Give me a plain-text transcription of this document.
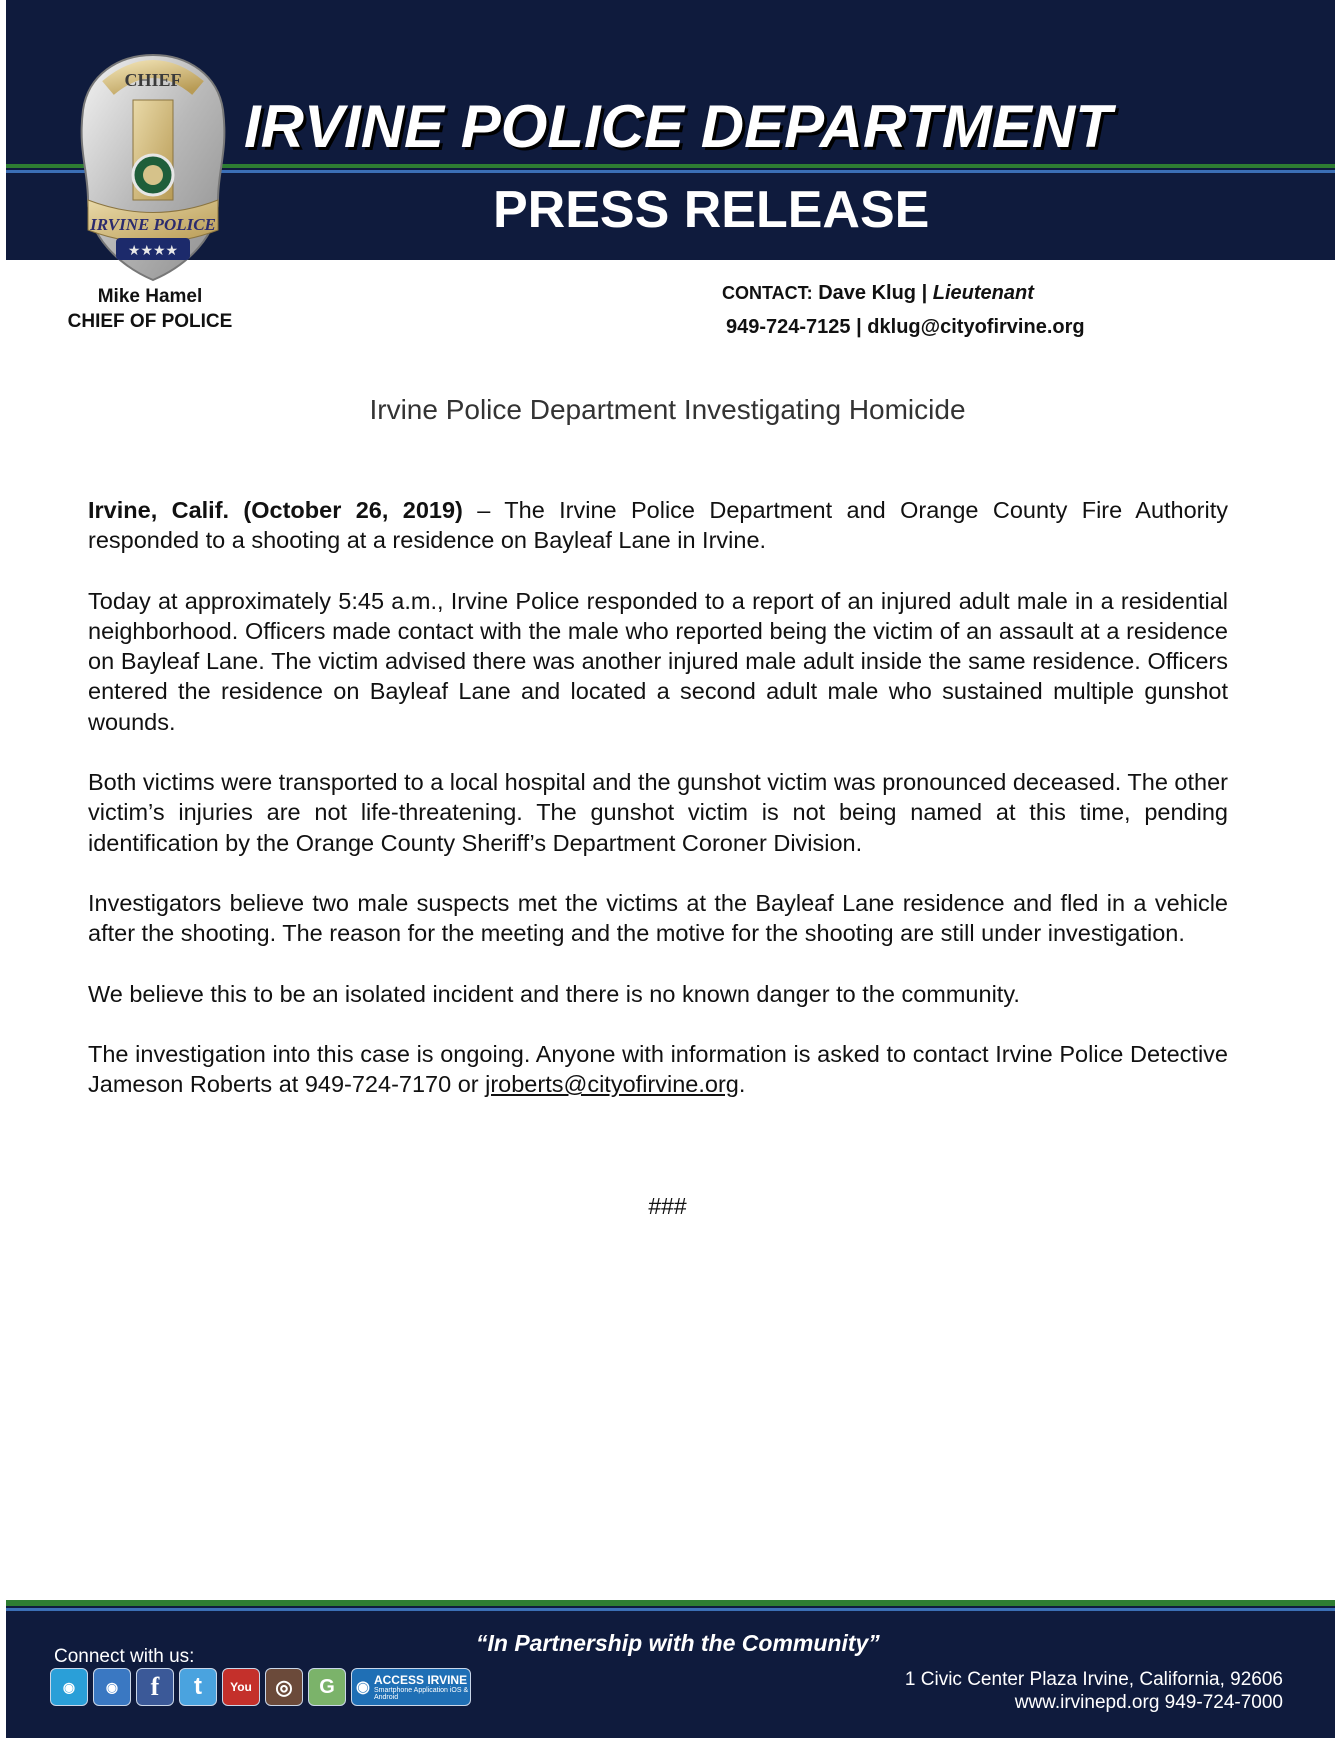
IRVINE POLICE DEPARTMENT
PRESS RELEASE
CHIEF
IRVINE POLICE
★★★★
Mike Hamel
CHIEF OF POLICE
CONTACT: Dave Klug | Lieutenant
949-724-7125 | dklug@cityofirvine.org
Irvine Police Department Investigating Homicide

Irvine, Calif. (October 26, 2019) – The Irvine Police Department and Orange County Fire Authority responded to a shooting at a residence on Bayleaf Lane in Irvine.

Today at approximately 5:45 a.m., Irvine Police responded to a report of an injured adult male in a residential neighborhood. Officers made contact with the male who reported being the victim of an assault at a residence on Bayleaf Lane. The victim advised there was another injured male adult inside the same residence. Officers entered the residence on Bayleaf Lane and located a second adult male who sustained multiple gunshot wounds.

Both victims were transported to a local hospital and the gunshot victim was pronounced deceased. The other victim’s injuries are not life-threatening. The gunshot victim is not being named at this time, pending identification by the Orange County Sheriff’s Department Coroner Division.

Investigators believe two male suspects met the victims at the Bayleaf Lane residence and fled in a vehicle after the shooting. The reason for the meeting and the motive for the shooting are still under investigation.

We believe this to be an isolated incident and there is no known danger to the community.

The investigation into this case is ongoing. Anyone with information is asked to contact Irvine Police Detective Jameson Roberts at 949-724-7170 or jroberts@cityofirvine.org.

###
“In Partnership with the Community”
Connect with us:
◉	◉	f	t	You	◎	G	◉ ACCESS IRVINE
Smartphone Application iOS & Android
1 Civic Center Plaza Irvine, California, 92606
www.irvinepd.org 949-724-7000
